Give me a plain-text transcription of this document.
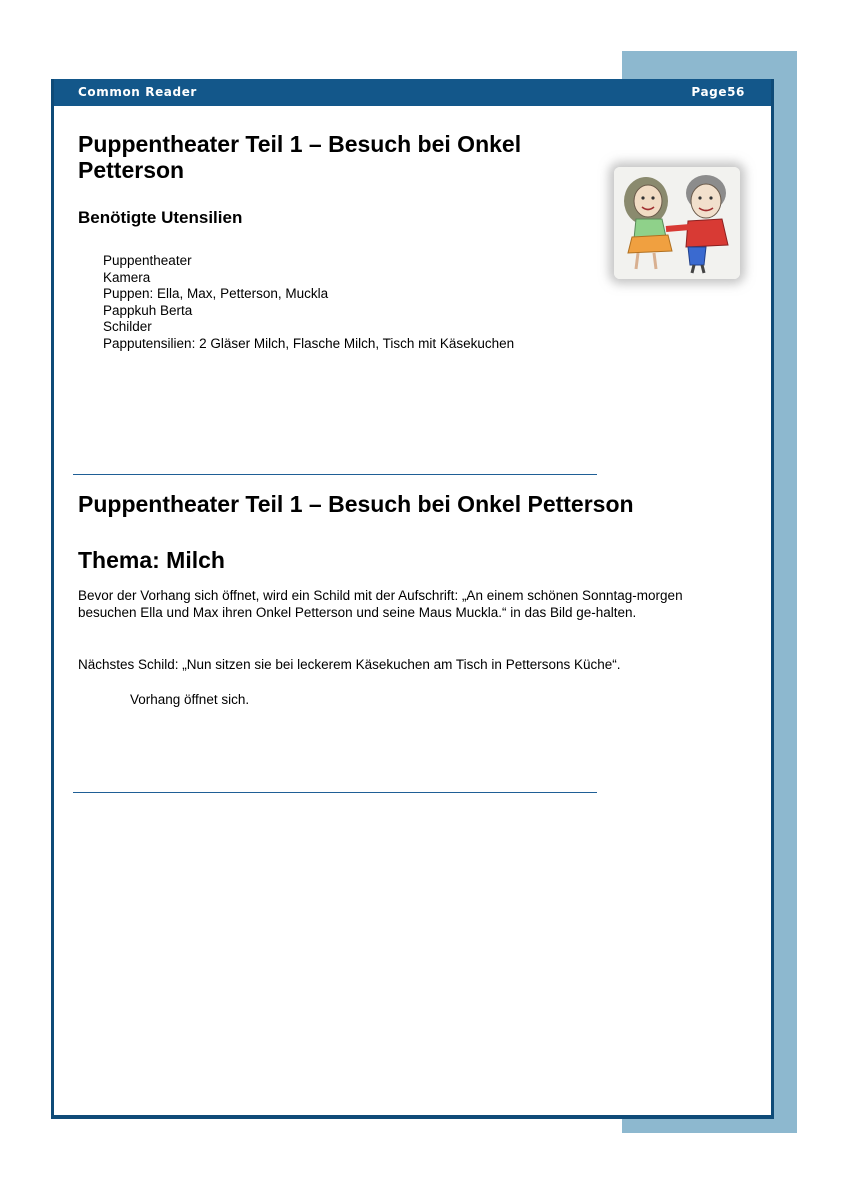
Common Reader	Page56
Puppentheater Teil 1 – Besuch bei Onkel Petterson
Benötigte Utensilien
Puppentheater
Kamera
Puppen: Ella, Max, Petterson, Muckla
Pappkuh Berta
Schilder
Papputensilien: 2 Gläser Milch, Flasche Milch, Tisch mit Käsekuchen
Puppentheater Teil 1 – Besuch bei Onkel Petterson
Thema: Milch

Bevor der Vorhang sich öffnet, wird ein Schild mit der Aufschrift: „An einem schönen Sonntag-morgen besuchen Ella und Max ihren Onkel Petterson und seine Maus Muckla.“ in das Bild ge-halten.

Nächstes Schild: „Nun sitzen sie bei leckerem Käsekuchen am Tisch in Pettersons Küche“.

Vorhang öffnet sich.
